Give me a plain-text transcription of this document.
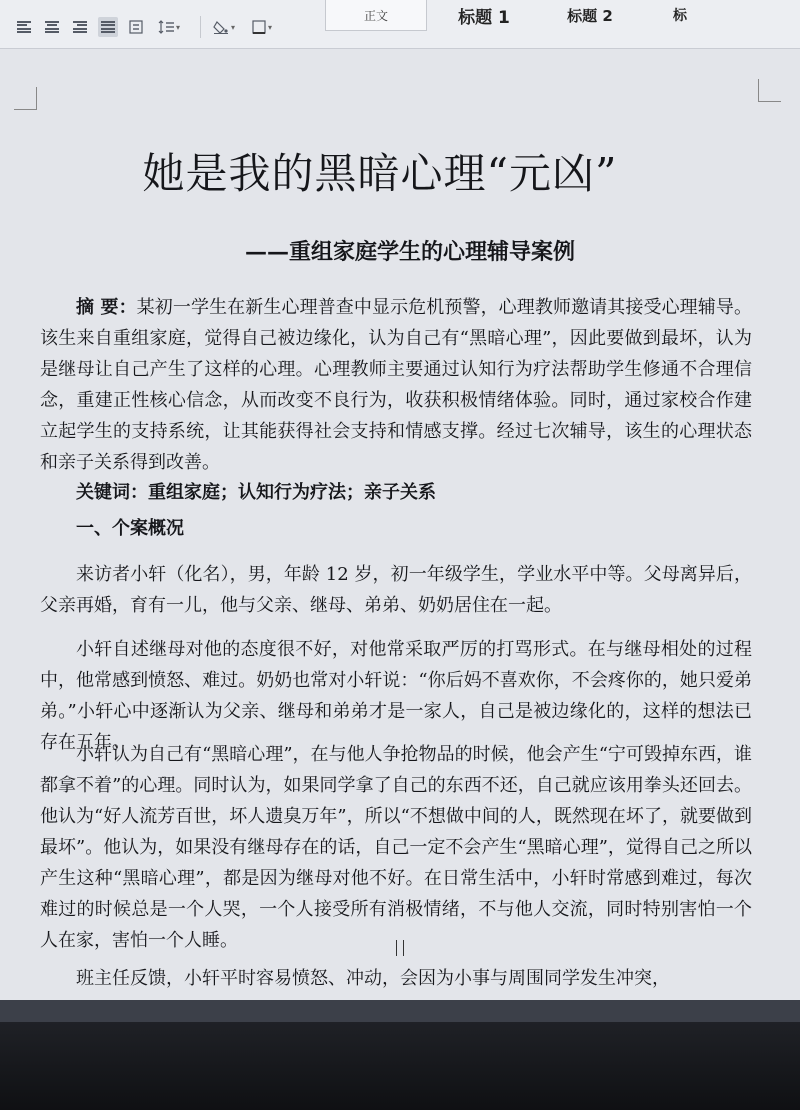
▾	▾	▾
正文	标题 1	标题 2	标
她是我的黑暗心理“元凶”
——重组家庭学生的心理辅导案例
摘 要：某初一学生在新生心理普查中显示危机预警，心理教师邀请其接受心理辅导。该生来自重组家庭，觉得自己被边缘化，认为自己有“黑暗心理”，因此要做到最坏，认为是继母让自己产生了这样的心理。心理教师主要通过认知行为疗法帮助学生修通不合理信念，重建正性核心信念，从而改变不良行为，收获积极情绪体验。同时，通过家校合作建立起学生的支持系统，让其能获得社会支持和情感支撑。经过七次辅导，该生的心理状态和亲子关系得到改善。
关键词：重组家庭；认知行为疗法；亲子关系
一、个案概况
来访者小轩（化名），男，年龄 12 岁，初一年级学生，学业水平中等。父母离异后，父亲再婚，育有一儿，他与父亲、继母、弟弟、奶奶居住在一起。
小轩自述继母对他的态度很不好，对他常采取严厉的打骂形式。在与继母相处的过程中，他常感到愤怒、难过。奶奶也常对小轩说：“你后妈不喜欢你，不会疼你的，她只爱弟弟。”小轩心中逐渐认为父亲、继母和弟弟才是一家人，自己是被边缘化的，这样的想法已存在五年。
小轩认为自己有“黑暗心理”，在与他人争抢物品的时候，他会产生“宁可毁掉东西，谁都拿不着”的心理。同时认为，如果同学拿了自己的东西不还，自己就应该用拳头还回去。他认为“好人流芳百世，坏人遗臭万年”，所以“不想做中间的人，既然现在坏了，就要做到最坏”。他认为，如果没有继母存在的话，自己一定不会产生“黑暗心理”，觉得自己之所以产生这种“黑暗心理”，都是因为继母对他不好。在日常生活中，小轩时常感到难过，每次难过的时候总是一个人哭，一个人接受所有消极情绪，不与他人交流，同时特别害怕一个人在家，害怕一个人睡。
班主任反馈，小轩平时容易愤怒、冲动，会因为小事与周围同学发生冲突，
